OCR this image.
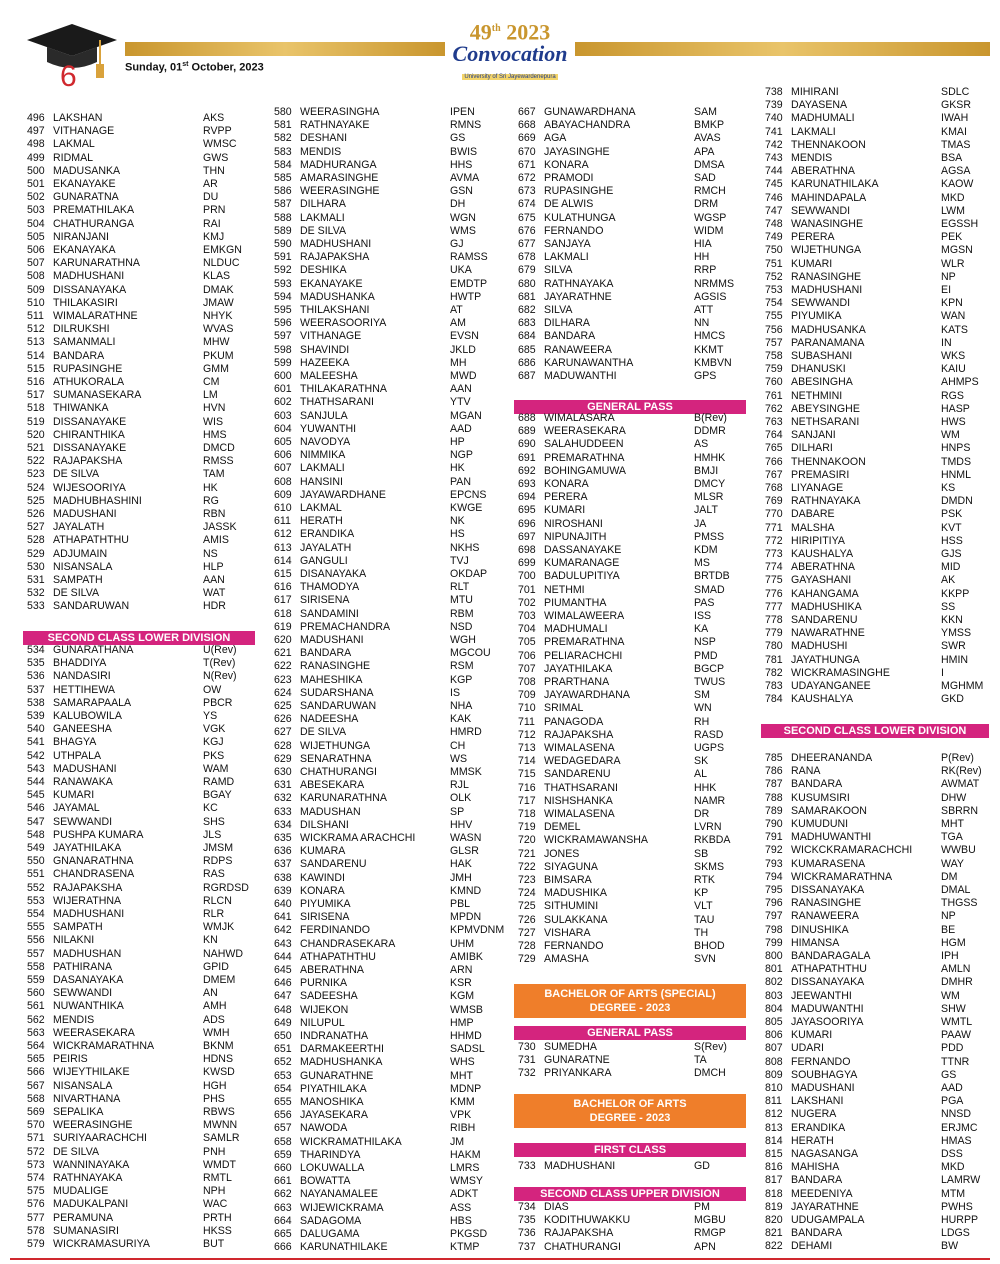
6	Sunday, 01st October, 2023
49th 2023
Convocation
University of Sri Jayewardenepura
496 LAKSHAN	AKS
497 VITHANAGE	RVPP
498 LAKMAL	WMSC
499 RIDMAL	GWS
500 MADUSANKA	THN
501 EKANAYAKE	AR
502 GUNARATNA	DU
503 PREMATHILAKA	PRN
504 CHATHURANGA	RAI
505 NIRANJANI	KMJ
506 EKANAYAKA	EMKGN
507 KARUNARATHNA	NLDUC
508 MADHUSHANI	KLAS
509 DISSANAYAKA	DMAK
510 THILAKASIRI	JMAW
511 WIMALARATHNE	NHYK
512 DILRUKSHI	WVAS
513 SAMANMALI	MHW
514 BANDARA	PKUM
515 RUPASINGHE	GMM
516 ATHUKORALA	CM
517 SUMANASEKARA	LM
518 THIWANKA	HVN
519 DISSANAYAKE	WIS
520 CHIRANTHIKA	HMS
521 DISSANAYAKE	DMCD
522 RAJAPAKSHA	RMSS
523 DE SILVA	TAM
524 WIJESOORIYA	HK
525 MADHUBHASHINI	RG
526 MADUSHANI	RBN
527 JAYALATH	JASSK
528 ATHAPATHTHU	AMIS
529 ADJUMAIN	NS
530 NISANSALA	HLP
531 SAMPATH	AAN
532 DE SILVA	WAT
533 SANDARUWAN	HDR
SECOND CLASS LOWER DIVISION
534 GUNARATHANA	U(Rev)
535 BHADDIYA	T(Rev)
536 NANDASIRI	N(Rev)
537 HETTIHEWA	OW
538 SAMARAPAALA	PBCR
539 KALUBOWILA	YS
540 GANEESHA	VGK
541 BHAGYA	KGJ
542 UTHPALA	PKS
543 MADUSHANI	WAM
544 RANAWAKA	RAMD
545 KUMARI	BGAY
546 JAYAMAL	KC
547 SEWWANDI	SHS
548 PUSHPA KUMARA	JLS
549 JAYATHILAKA	JMSM
550 GNANARATHNA	RDPS
551 CHANDRASENA	RAS
552 RAJAPAKSHA	RGRDSD
553 WIJERATHNA	RLCN
554 MADHUSHANI	RLR
555 SAMPATH	WMJK
556 NILAKNI	KN
557 MADHUSHAN	NAHWD
558 PATHIRANA	GPID
559 DASANAYAKA	DMEM
560 SEWWANDI	AN
561 NUWANTHIKA	AMH
562 MENDIS	ADS
563 WEERASEKARA	WMH
564 WICKRAMARATHNA	BKNM
565 PEIRIS	HDNS
566 WIJEYTHILAKE	KWSD
567 NISANSALA	HGH
568 NIVARTHANA	PHS
569 SEPALIKA	RBWS
570 WEERASINGHE	MWNN
571 SURIYAARACHCHI	SAMLR
572 DE SILVA	PNH
573 WANNINAYAKA	WMDT
574 RATHNAYAKA	RMTL
575 MUDALIGE	NPH
576 MADUKALPANI	WAC
577 PERAMUNA	PRTH
578 SUMANASIRI	HKSS
579 WICKRAMASURIYA	BUT
580 WEERASINGHA	IPEN
581 RATHNAYAKE	RMNS
582 DESHANI	GS
583 MENDIS	BWIS
584 MADHURANGA	HHS
585 AMARASINGHE	AVMA
586 WEERASINGHE	GSN
587 DILHARA	DH
588 LAKMALI	WGN
589 DE SILVA	WMS
590 MADHUSHANI	GJ
591 RAJAPAKSHA	RAMSS
592 DESHIKA	UKA
593 EKANAYAKE	EMDTP
594 MADUSHANKA	HWTP
595 THILAKSHANI	AT
596 WEERASOORIYA	AM
597 VITHANAGE	EVSN
598 SHAVINDI	JKLD
599 HAZEEKA	MH
600 MALEESHA	MWD
601 THILAKARATHNA	AAN
602 THATHSARANI	YTV
603 SANJULA	MGAN
604 YUWANTHI	AAD
605 NAVODYA	HP
606 NIMMIKA	NGP
607 LAKMALI	HK
608 HANSINI	PAN
609 JAYAWARDHANE	EPCNS
610 LAKMAL	KWGE
611 HERATH	NK
612 ERANDIKA	HS
613 JAYALATH	NKHS
614 GANGULI	TVJ
615 DISANAYAKA	OKDAP
616 THAMODYA	RLT
617 SIRISENA	MTU
618 SANDAMINI	RBM
619 PREMACHANDRA	NSD
620 MADUSHANI	WGH
621 BANDARA	MGCOU
622 RANASINGHE	RSM
623 MAHESHIKA	KGP
624 SUDARSHANA	IS
625 SANDARUWAN	NHA
626 NADEESHA	KAK
627 DE SILVA	HMRD
628 WIJETHUNGA	CH
629 SENARATHNA	WS
630 CHATHURANGI	MMSK
631 ABESEKARA	RJL
632 KARUNARATHNA	OLK
633 MADUSHAN	SP
634 DILSHANI	HHV
635 WICKRAMA ARACHCHI	WASN
636 KUMARA	GLSR
637 SANDARENU	HAK
638 KAWINDI	JMH
639 KONARA	KMND
640 PIYUMIKA	PBL
641 SIRISENA	MPDN
642 FERDINANDO	KPMVDNM
643 CHANDRASEKARA	UHM
644 ATHAPATHTHU	AMIBK
645 ABERATHNA	ARN
646 PURNIKA	KSR
647 SADEESHA	KGM
648 WIJEKON	WMSB
649 NILUPUL	HMP
650 INDRANATHA	HHMD
651 DARMAKEERTHI	SADSL
652 MADHUSHANKA	WHS
653 GUNARATHNE	MHT
654 PIYATHILAKA	MDNP
655 MANOSHIKA	KMM
656 JAYASEKARA	VPK
657 NAWODA	RIBH
658 WICKRAMATHILAKA	JM
659 THARINDYA	HAKM
660 LOKUWALLA	LMRS
661 BOWATTA	WMSY
662 NAYANAMALEE	ADKT
663 WIJEWICKRAMA	ASS
664 SADAGOMA	HBS
665 DALUGAMA	PKGSD
666 KARUNATHILAKE	KTMP
667 GUNAWARDHANA	SAM
668 ABAYACHANDRA	BMKP
669 AGA	AVAS
670 JAYASINGHE	APA
671 KONARA	DMSA
672 PRAMODI	SAD
673 RUPASINGHE	RMCH
674 DE ALWIS	DRM
675 KULATHUNGA	WGSP
676 FERNANDO	WIDM
677 SANJAYA	HIA
678 LAKMALI	HH
679 SILVA	RRP
680 RATHNAYAKA	NRMMS
681 JAYARATHNE	AGSIS
682 SILVA	ATT
683 DILHARA	NN
684 BANDARA	HMCS
685 RANAWEERA	KKMT
686 KARUNAWANTHA	KMBVN
687 MADUWANTHI	GPS
GENERAL PASS
688 WIMALASARA	B(Rev)
689 WEERASEKARA	DDMR
690 SALAHUDDEEN	AS
691 PREMARATHNA	HMHK
692 BOHINGAMUWA	BMJI
693 KONARA	DMCY
694 PERERA	MLSR
695 KUMARI	JALT
696 NIROSHANI	JA
697 NIPUNAJITH	PMSS
698 DASSANAYAKE	KDM
699 KUMARANAGE	MS
700 BADULUPITIYA	BRTDB
701 NETHMI	SMAD
702 PIUMANTHA	PAS
703 WIMALAWEERA	ISS
704 MADHUMALI	KA
705 PREMARATHNA	NSP
706 PELIARACHCHI	PMD
707 JAYATHILAKA	BGCP
708 PRARTHANA	TWUS
709 JAYAWARDHANA	SM
710 SRIMAL	WN
711 PANAGODA	RH
712 RAJAPAKSHA	RASD
713 WIMALASENA	UGPS
714 WEDAGEDARA	SK
715 SANDARENU	AL
716 THATHSARANI	HHK
717 NISHSHANKA	NAMR
718 WIMALASENA	DR
719 DEMEL	LVRN
720 WICKRAMAWANSHA	RKBDA
721 JONES	SB
722 SIYAGUNA	SKMS
723 BIMSARA	RTK
724 MADUSHIKA	KP
725 SITHUMINI	VLT
726 SULAKKANA	TAU
727 VISHARA	TH
728 FERNANDO	BHOD
729 AMASHA	SVN
BACHELOR OF ARTS (SPECIAL)
DEGREE - 2023
GENERAL PASS
730 SUMEDHA	S(Rev)
731 GUNARATNE	TA
732 PRIYANKARA	DMCH
BACHELOR OF ARTS
DEGREE - 2023
FIRST CLASS
733 MADHUSHANI	GD
SECOND CLASS UPPER DIVISION
734 DIAS	PM
735 KODITHUWAKKU	MGBU
736 RAJAPAKSHA	RMGP
737 CHATHURANGI	APN
738 MIHIRANI	SDLC
739 DAYASENA	GKSR
740 MADHUMALI	IWAH
741 LAKMALI	KMAI
742 THENNAKOON	TMAS
743 MENDIS	BSA
744 ABERATHNA	AGSA
745 KARUNATHILAKA	KAOW
746 MAHINDAPALA	MKD
747 SEWWANDI	LWM
748 WANASINGHE	EGSSH
749 PERERA	PEK
750 WIJETHUNGA	MGSN
751 KUMARI	WLR
752 RANASINGHE	NP
753 MADHUSHANI	EI
754 SEWWANDI	KPN
755 PIYUMIKA	WAN
756 MADHUSANKA	KATS
757 PARANAMANA	IN
758 SUBASHANI	WKS
759 DHANUSKI	KAIU
760 ABESINGHA	AHMPS
761 NETHMINI	RGS
762 ABEYSINGHE	HASP
763 NETHSARANI	HWS
764 SANJANI	WM
765 DILHARI	HNPS
766 THENNAKOON	TMDS
767 PREMASIRI	HNML
768 LIYANAGE	KS
769 RATHNAYAKA	DMDN
770 DABARE	PSK
771 MALSHA	KVT
772 HIRIPITIYA	HSS
773 KAUSHALYA	GJS
774 ABERATHNA	MID
775 GAYASHANI	AK
776 KAHANGAMA	KKPP
777 MADHUSHIKA	SS
778 SANDARENU	KKN
779 NAWARATHNE	YMSS
780 MADHUSHI	SWR
781 JAYATHUNGA	HMIN
782 WICKRAMASINGHE	I
783 UDAYANGANEE	MGHMM
784 KAUSHALYA	GKD
SECOND CLASS LOWER DIVISION
785 DHEERANANDA	P(Rev)
786 RANA	RK(Rev)
787 BANDARA	AWMAT
788 KUSUMSIRI	DHW
789 SAMARAKOON	SBRRN
790 KUMUDUNI	MHT
791 MADHUWANTHI	TGA
792 WICKCKRAMARACHCHI	WWBU
793 KUMARASENA	WAY
794 WICKRAMARATHNA	DM
795 DISSANAYAKA	DMAL
796 RANASINGHE	THGSS
797 RANAWEERA	NP
798 DINUSHIKA	BE
799 HIMANSA	HGM
800 BANDARAGALA	IPH
801 ATHAPATHTHU	AMLN
802 DISSANAYAKA	DMHR
803 JEEWANTHI	WM
804 MADUWANTHI	SHW
805 JAYASOORIYA	WMTL
806 KUMARI	PAAW
807 UDARI	PDD
808 FERNANDO	TTNR
809 SOUBHAGYA	GS
810 MADUSHANI	AAD
811 LAKSHANI	PGA
812 NUGERA	NNSD
813 ERANDIKA	ERJMC
814 HERATH	HMAS
815 NAGASANGA	DSS
816 MAHISHA	MKD
817 BANDARA	LAMRW
818 MEEDENIYA	MTM
819 JAYARATHNE	PWHS
820 UDUGAMPALA	HURPP
821 BANDARA	LDGS
822 DEHAMI	BW
